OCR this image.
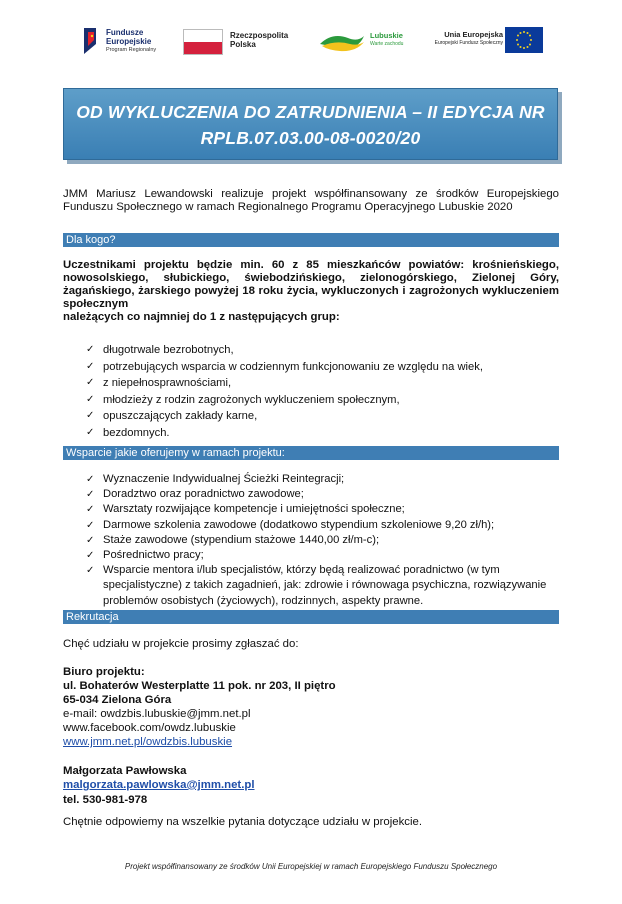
Fundusze
Europejskie
Program Regionalny
Rzeczpospolita
Polska
Lubuskie
Warte zachodu
Unia Europejska
Europejski Fundusz Społeczny
OD WYKLUCZENIA DO ZATRUDNIENIA – II EDYCJA NR
RPLB.07.03.00-08-0020/20
JMM Mariusz Lewandowski realizuje projekt współfinansowany ze środków Europejskiego Funduszu Społecznego w ramach Regionalnego Programu Operacyjnego Lubuskie 2020
Dla kogo?
Uczestnikami projektu będzie min. 60 z 85 mieszkańców powiatów: krośnieńskiego, nowosolskiego, słubickiego, świebodzińskiego, zielonogórskiego, Zielonej Góry, żagańskiego, żarskiego powyżej 18 roku życia, wykluczonych i zagrożonych wykluczeniem społecznym
należących co najmniej do 1 z następujących grup:
✓ długotrwale bezrobotnych,
✓ potrzebujących wsparcia w codziennym funkcjonowaniu ze względu na wiek,
✓ z niepełnosprawnościami,
✓ młodzieży z rodzin zagrożonych wykluczeniem społecznym,
✓ opuszczających zakłady karne,
✓ bezdomnych.
Wsparcie jakie oferujemy w ramach projektu:
✓ Wyznaczenie Indywidualnej Ścieżki Reintegracji;
✓ Doradztwo oraz poradnictwo zawodowe;
✓ Warsztaty rozwijające kompetencje i umiejętności społeczne;
✓ Darmowe szkolenia zawodowe (dodatkowo stypendium szkoleniowe 9,20 zł/h);
✓ Staże zawodowe (stypendium stażowe 1440,00 zł/m-c);
✓ Pośrednictwo pracy;
✓ Wsparcie mentora i/lub specjalistów, którzy będą realizować poradnictwo (w tym specjalistyczne) z takich zagadnień, jak: zdrowie i równowaga psychiczna, rozwiązywanie problemów osobistych (życiowych), rodzinnych, aspekty prawne.
Rekrutacja
Chęć udziału w projekcie prosimy zgłaszać do:
Biuro projektu:
ul. Bohaterów Westerplatte 11 pok. nr 203, II piętro
65-034 Zielona Góra
e-mail: owdzbis.lubuskie@jmm.net.pl
www.facebook.com/owdz.lubuskie
www.jmm.net.pl/owdzbis.lubuskie
Małgorzata Pawłowska
malgorzata.pawlowska@jmm.net.pl
tel. 530-981-978
Chętnie odpowiemy na wszelkie pytania dotyczące udziału w projekcie.
Projekt współfinansowany ze środków Unii Europejskiej w ramach Europejskiego Funduszu Społecznego
